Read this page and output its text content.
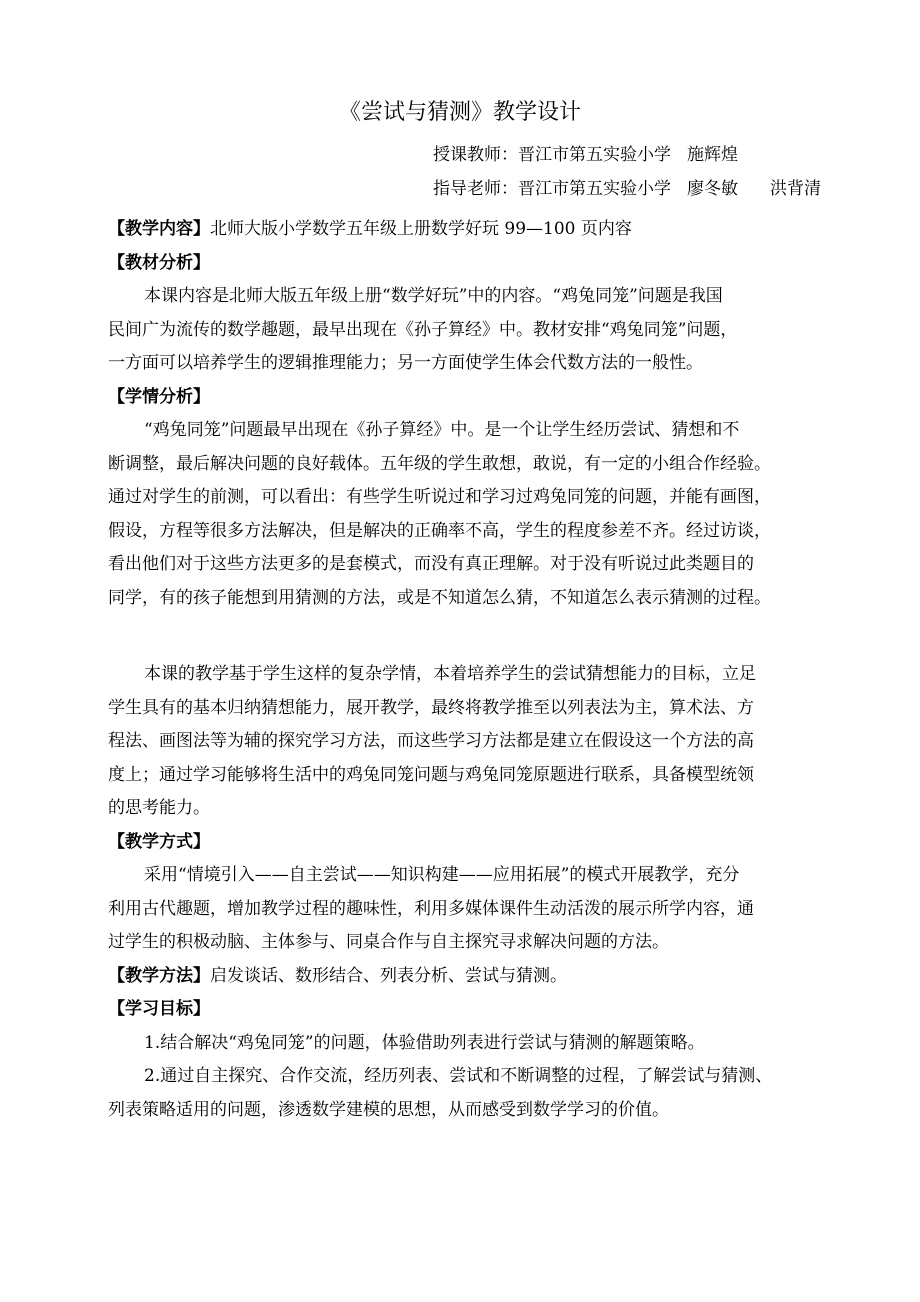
《尝试与猜测》教学设计
授课教师：晋江市第五实验小学 施辉煌
指导老师：晋江市第五实验小学 廖冬敏 洪背清
【教学内容】北师大版小学数学五年级上册数学好玩 99—100 页内容
【教材分析】
本课内容是北师大版五年级上册“数学好玩”中的内容。“鸡兔同笼”问题是我国
民间广为流传的数学趣题，最早出现在《孙子算经》中。教材安排“鸡兔同笼”问题，
一方面可以培养学生的逻辑推理能力；另一方面使学生体会代数方法的一般性。
【学情分析】
“鸡兔同笼”问题最早出现在《孙子算经》中。是一个让学生经历尝试、猜想和不
断调整，最后解决问题的良好载体。五年级的学生敢想，敢说，有一定的小组合作经验。
通过对学生的前测，可以看出：有些学生听说过和学习过鸡兔同笼的问题，并能有画图，
假设，方程等很多方法解决，但是解决的正确率不高，学生的程度参差不齐。经过访谈，
看出他们对于这些方法更多的是套模式，而没有真正理解。对于没有听说过此类题目的
同学，有的孩子能想到用猜测的方法，或是不知道怎么猜，不知道怎么表示猜测的过程。
本课的教学基于学生这样的复杂学情，本着培养学生的尝试猜想能力的目标，立足
学生具有的基本归纳猜想能力，展开教学，最终将教学推至以列表法为主，算术法、方
程法、画图法等为辅的探究学习方法，而这些学习方法都是建立在假设这一个方法的高
度上；通过学习能够将生活中的鸡兔同笼问题与鸡兔同笼原题进行联系，具备模型统领
的思考能力。
【教学方式】
采用“情境引入——自主尝试——知识构建——应用拓展”的模式开展教学，充分
利用古代趣题，增加教学过程的趣味性，利用多媒体课件生动活泼的展示所学内容，通
过学生的积极动脑、主体参与、同桌合作与自主探究寻求解决问题的方法。
【教学方法】启发谈话、数形结合、列表分析、尝试与猜测。
【学习目标】
1.结合解决“鸡兔同笼”的问题，体验借助列表进行尝试与猜测的解题策略。
2.通过自主探究、合作交流，经历列表、尝试和不断调整的过程，了解尝试与猜测、
列表策略适用的问题，渗透数学建模的思想，从而感受到数学学习的价值。
